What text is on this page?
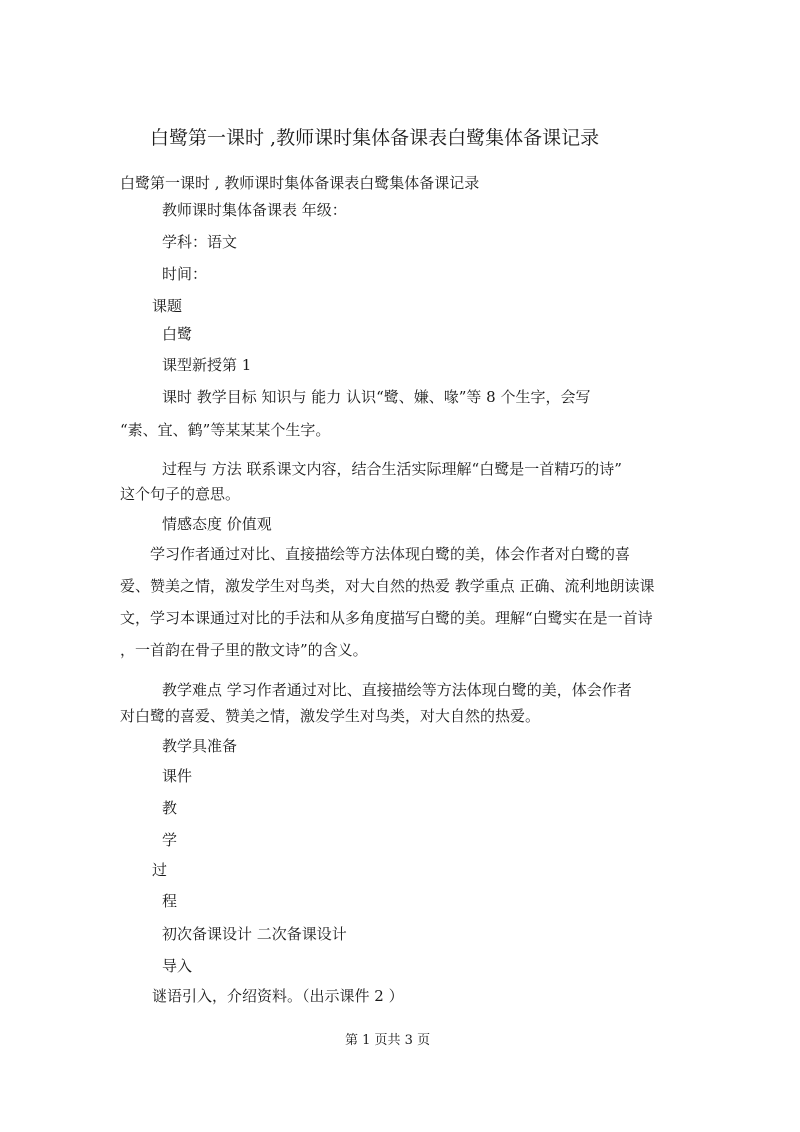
白鹭第一课时 ,教师课时集体备课表白鹭集体备课记录
白鹭第一课时 , 教师课时集体备课表白鹭集体备课记录
教师课时集体备课表 年级：
学科：语文
时间：
课题
白鹭
课型新授第 1
课时 教学目标 知识与 能力 认识“鹭、嫌、喙”等 8 个生字，会写
“素、宜、鹤”等某某某个生字。
过程与 方法 联系课文内容，结合生活实际理解“白鹭是一首精巧的诗”
这个句子的意思。
情感态度 价值观
学习作者通过对比、直接描绘等方法体现白鹭的美，体会作者对白鹭的喜
爱、赞美之情，激发学生对鸟类，对大自然的热爱 教学重点 正确、流利地朗读课
文，学习本课通过对比的手法和从多角度描写白鹭的美。理解“白鹭实在是一首诗
，一首韵在骨子里的散文诗”的含义。
教学难点 学习作者通过对比、直接描绘等方法体现白鹭的美，体会作者
对白鹭的喜爱、赞美之情，激发学生对鸟类，对大自然的热爱。
教学具准备
课件
教
学
过
程
初次备课设计 二次备课设计
导入
谜语引入，介绍资料。（出示课件 2 ）
第 1 页共 3 页
